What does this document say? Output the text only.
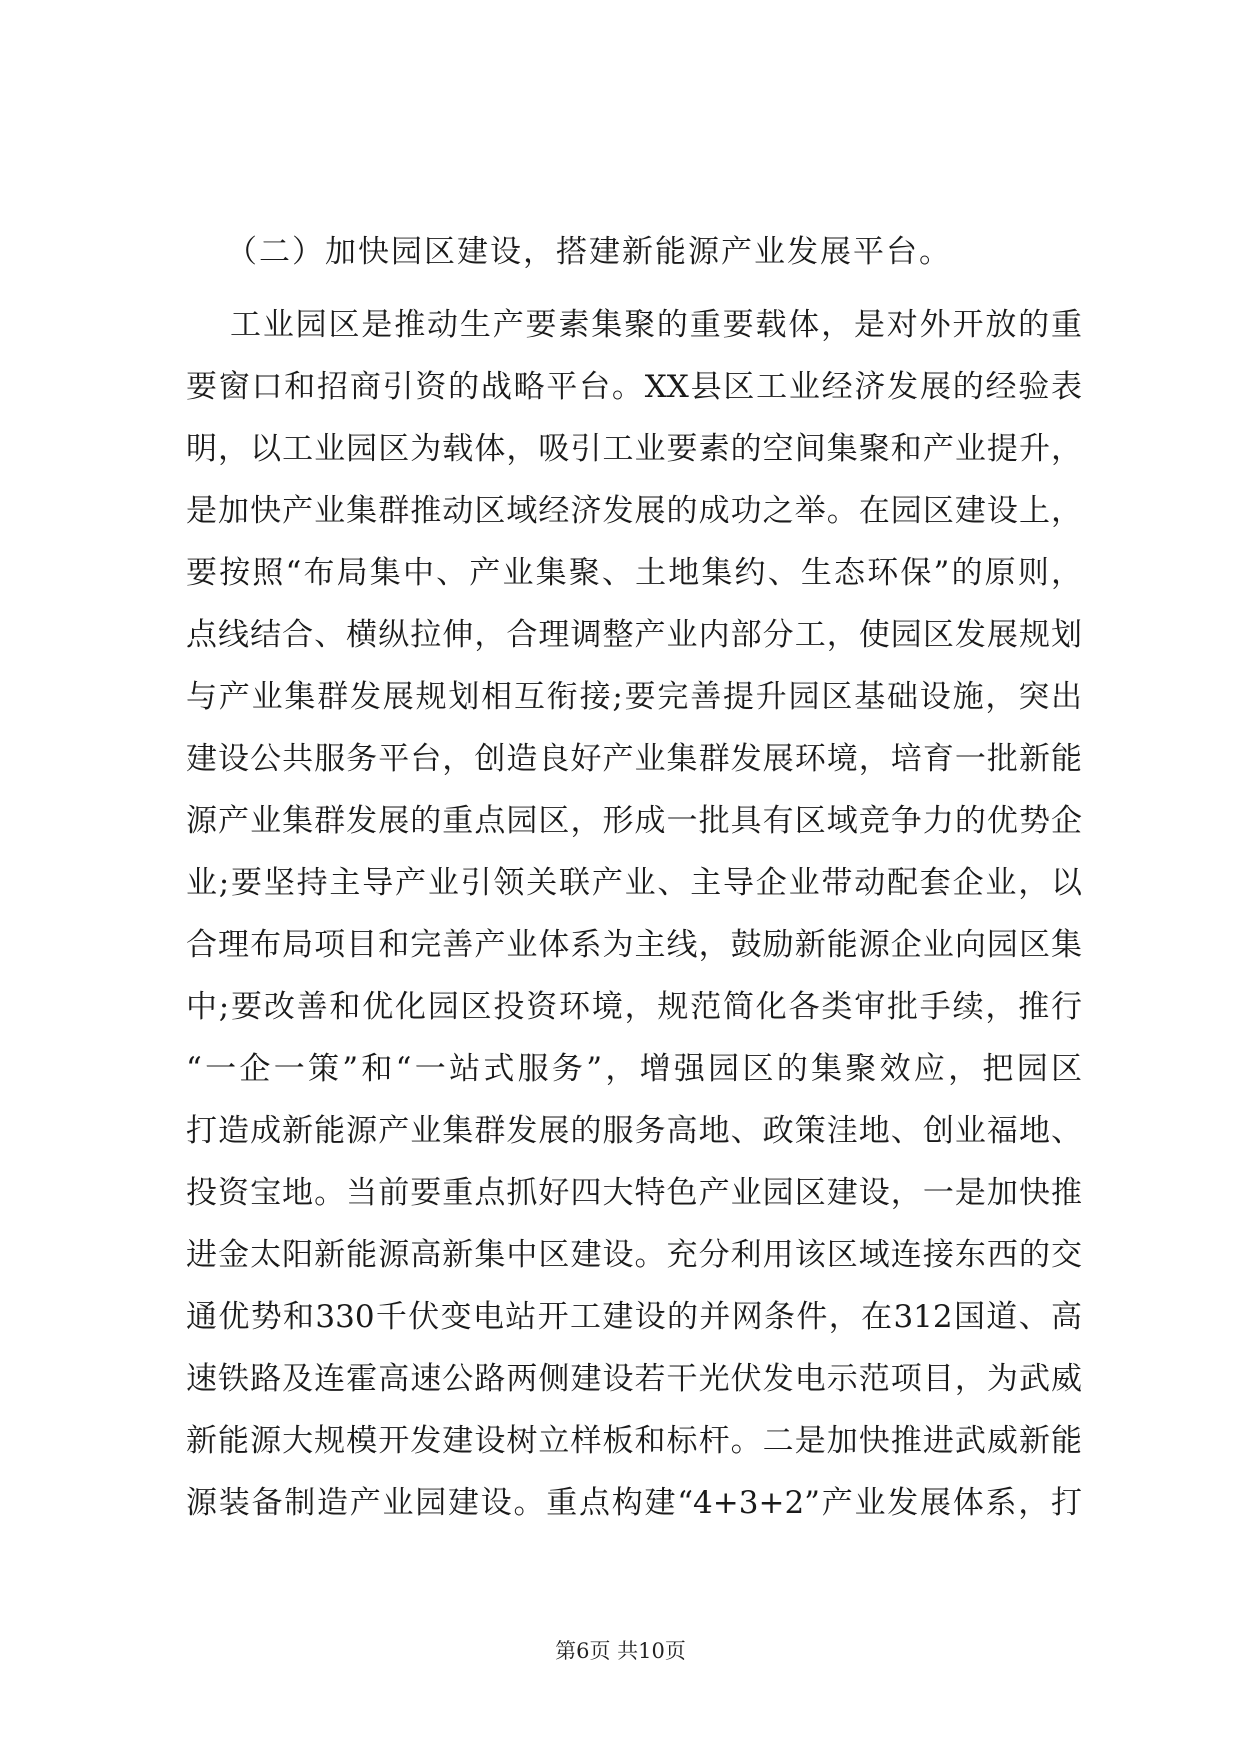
（二）加快园区建设，搭建新能源产业发展平台。
工业园区是推动生产要素集聚的重要载体，是对外开放的重
要窗口和招商引资的战略平台。XX县区工业经济发展的经验表
明，以工业园区为载体，吸引工业要素的空间集聚和产业提升，
是加快产业集群推动区域经济发展的成功之举。在园区建设上，
要按照“布局集中、产业集聚、土地集约、生态环保”的原则，
点线结合、横纵拉伸，合理调整产业内部分工，使园区发展规划
与产业集群发展规划相互衔接;要完善提升园区基础设施，突出
建设公共服务平台，创造良好产业集群发展环境，培育一批新能
源产业集群发展的重点园区，形成一批具有区域竞争力的优势企
业;要坚持主导产业引领关联产业、主导企业带动配套企业，以
合理布局项目和完善产业体系为主线，鼓励新能源企业向园区集
中;要改善和优化园区投资环境，规范简化各类审批手续，推行
“一企一策”和“一站式服务”，增强园区的集聚效应，把园区
打造成新能源产业集群发展的服务高地、政策洼地、创业福地、
投资宝地。当前要重点抓好四大特色产业园区建设，一是加快推
进金太阳新能源高新集中区建设。充分利用该区域连接东西的交
通优势和330千伏变电站开工建设的并网条件，在312国道、高
速铁路及连霍高速公路两侧建设若干光伏发电示范项目，为武威
新能源大规模开发建设树立样板和标杆。二是加快推进武威新能
源装备制造产业园建设。重点构建“4+3+2”产业发展体系，打
第6页 共10页
